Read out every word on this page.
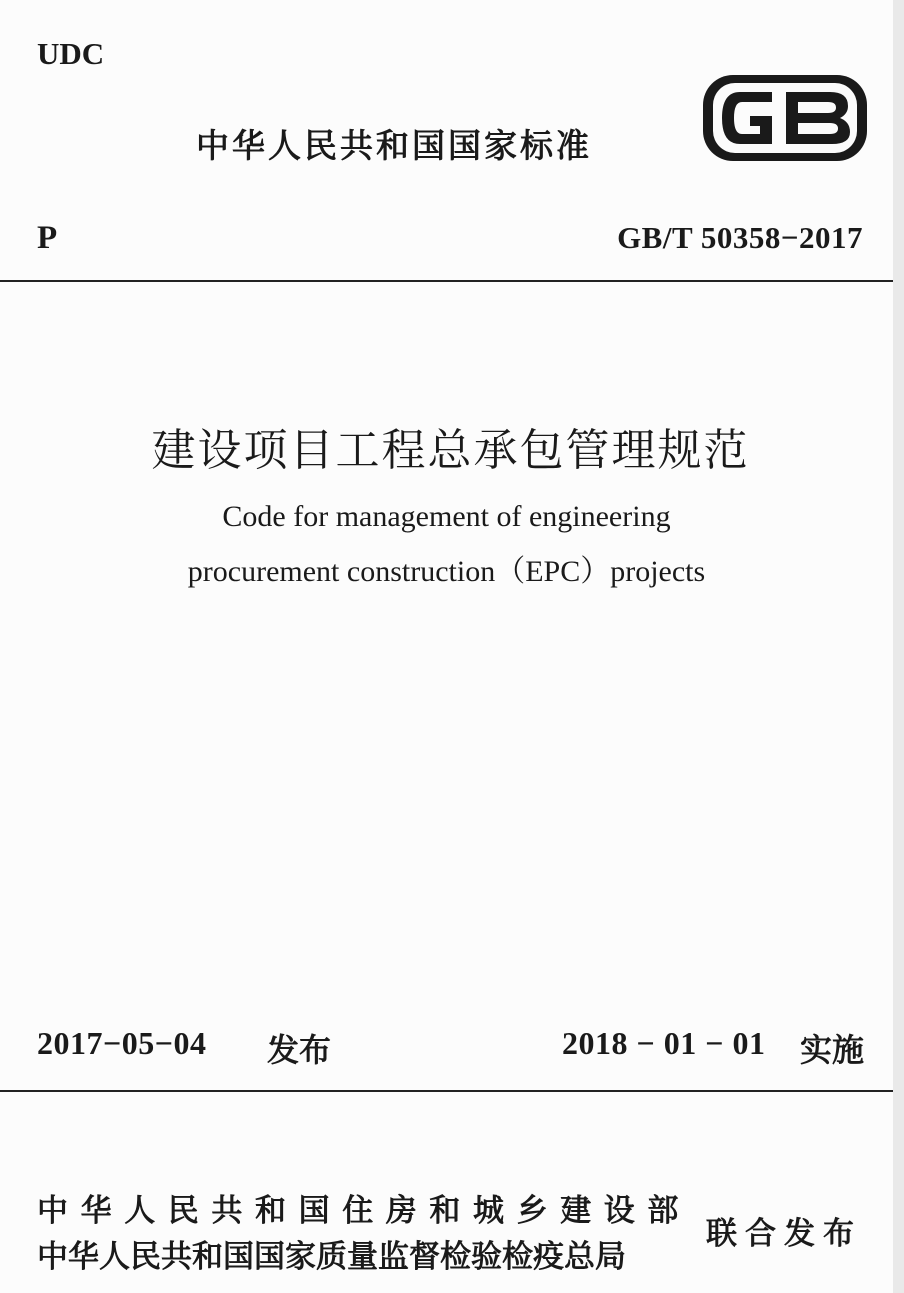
UDC
中华人民共和国国家标准
P	GB/T 50358−2017
建设项目工程总承包管理规范
Code for management of engineering
procurement construction（EPC）projects
2017−05−04 发布	2018 − 01 − 01 实施
中华人民共和国住房和城乡建设部
中华人民共和国国家质量监督检验检疫总局
联合发布
